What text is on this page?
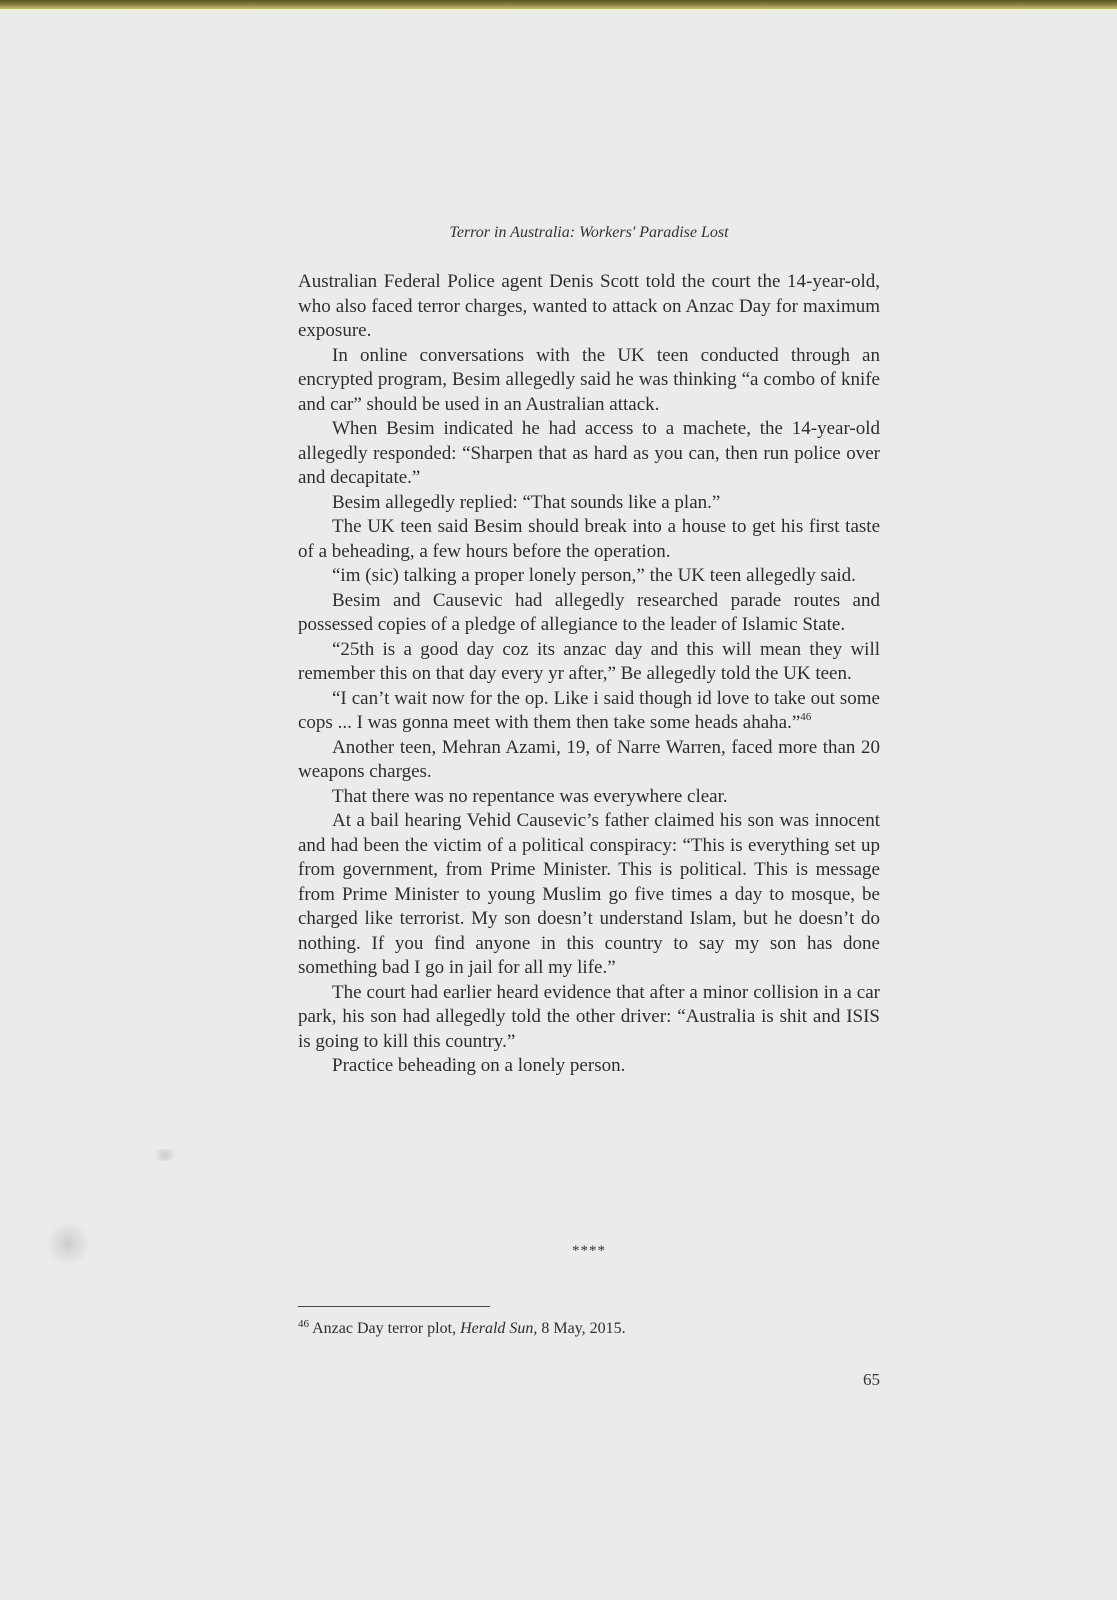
Terror in Australia: Workers' Paradise Lost

Australian Federal Police agent Denis Scott told the court the 14-year-old, who also faced terror charges, wanted to attack on Anzac Day for maximum exposure.

In online conversations with the UK teen conducted through an encrypted program, Besim allegedly said he was thinking “a combo of knife and car” should be used in an Australian attack.

When Besim indicated he had access to a machete, the 14-year-old allegedly responded: “Sharpen that as hard as you can, then run police over and decapitate.”

Besim allegedly replied: “That sounds like a plan.”

The UK teen said Besim should break into a house to get his first taste of a beheading, a few hours before the operation.

“im (sic) talking a proper lonely person,” the UK teen allegedly said.

Besim and Causevic had allegedly researched parade routes and possessed copies of a pledge of allegiance to the leader of Islamic State.

“25th is a good day coz its anzac day and this will mean they will remember this on that day every yr after,” Be allegedly told the UK teen.

“I can’t wait now for the op. Like i said though id love to take out some cops ... I was gonna meet with them then take some heads ahaha.”$^{46}$

Another teen, Mehran Azami, 19, of Narre Warren, faced more than 20 weapons charges.

That there was no repentance was everywhere clear.

At a bail hearing Vehid Causevic’s father claimed his son was innocent and had been the victim of a political conspiracy: “This is everything set up from government, from Prime Minister. This is political. This is message from Prime Minister to young Muslim go five times a day to mosque, be charged like terrorist. My son doesn’t understand Islam, but he doesn’t do nothing. If you find anyone in this country to say my son has done something bad I go in jail for all my life.”

The court had earlier heard evidence that after a minor collision in a car park, his son had allegedly told the other driver: “Australia is shit and ISIS is going to kill this country.”

Practice beheading on a lonely person.

****
$^{46}$ Anzac Day terror plot, Herald Sun, 8 May, 2015.
65
